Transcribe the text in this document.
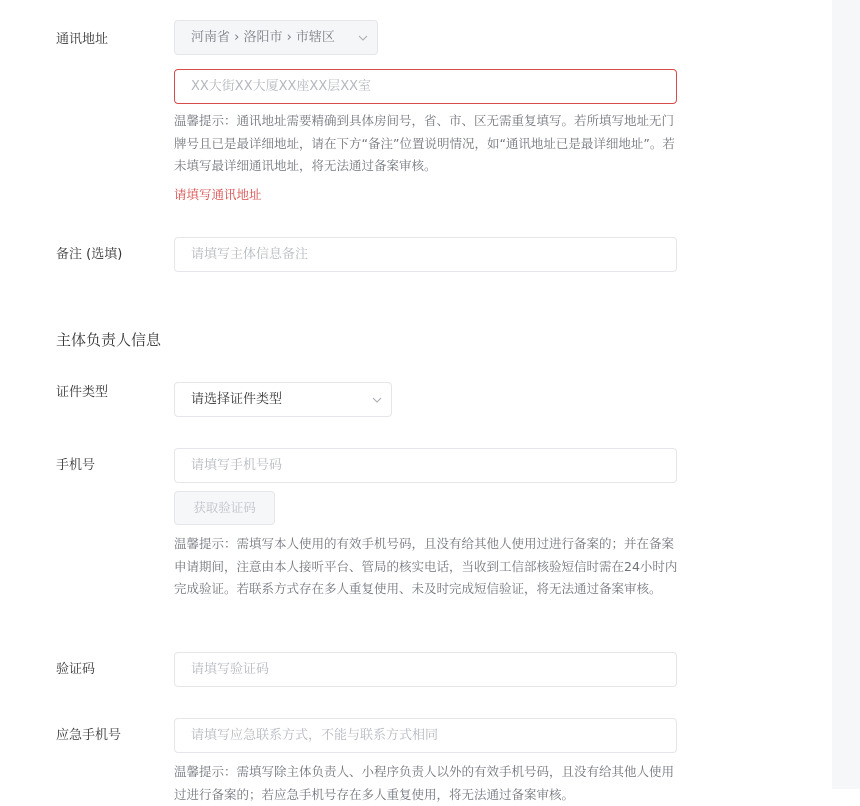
通讯地址	河南省 › 洛阳市 › 市辖区
XX大街XX大厦XX座XX层XX室
温馨提示：通讯地址需要精确到具体房间号，省、市、区无需重复填写。若所填写地址无门牌号且已是最详细地址，请在下方“备注”位置说明情况，如“通讯地址已是最详细地址”。若未填写最详细通讯地址，将无法通过备案审核。
请填写通讯地址
备注 (选填)	请填写主体信息备注
主体负责人信息
证件类型	请选择证件类型
手机号	请填写手机号码
获取验证码
温馨提示：需填写本人使用的有效手机号码，且没有给其他人使用过进行备案的；并在备案申请期间，注意由本人接听平台、管局的核实电话，当收到工信部核验短信时需在24小时内完成验证。若联系方式存在多人重复使用、未及时完成短信验证，将无法通过备案审核。
验证码	请填写验证码
应急手机号	请填写应急联系方式，不能与联系方式相同
温馨提示：需填写除主体负责人、小程序负责人以外的有效手机号码，且没有给其他人使用过进行备案的；若应急手机号存在多人重复使用，将无法通过备案审核。
